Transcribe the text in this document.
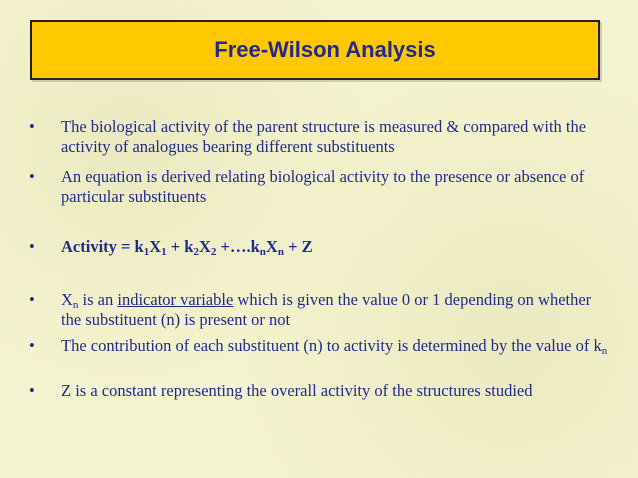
Free-Wilson Analysis
• The biological activity of the parent structure is measured & compared with the activity of analogues bearing different substituents
• An equation is derived relating biological activity to the presence or absence of particular substituents
• Activity = $k_1X_1 + k_2X_2$ $+\dots.k_nX_n + Z$
• $X_n$ is an indicator variable which is given the value 0 or 1 depending on whether the substituent (n) is present or not
• The contribution of each substituent (n) to activity is determined by the value of $k_n$
• Z is a constant representing the overall activity of the structures studied
